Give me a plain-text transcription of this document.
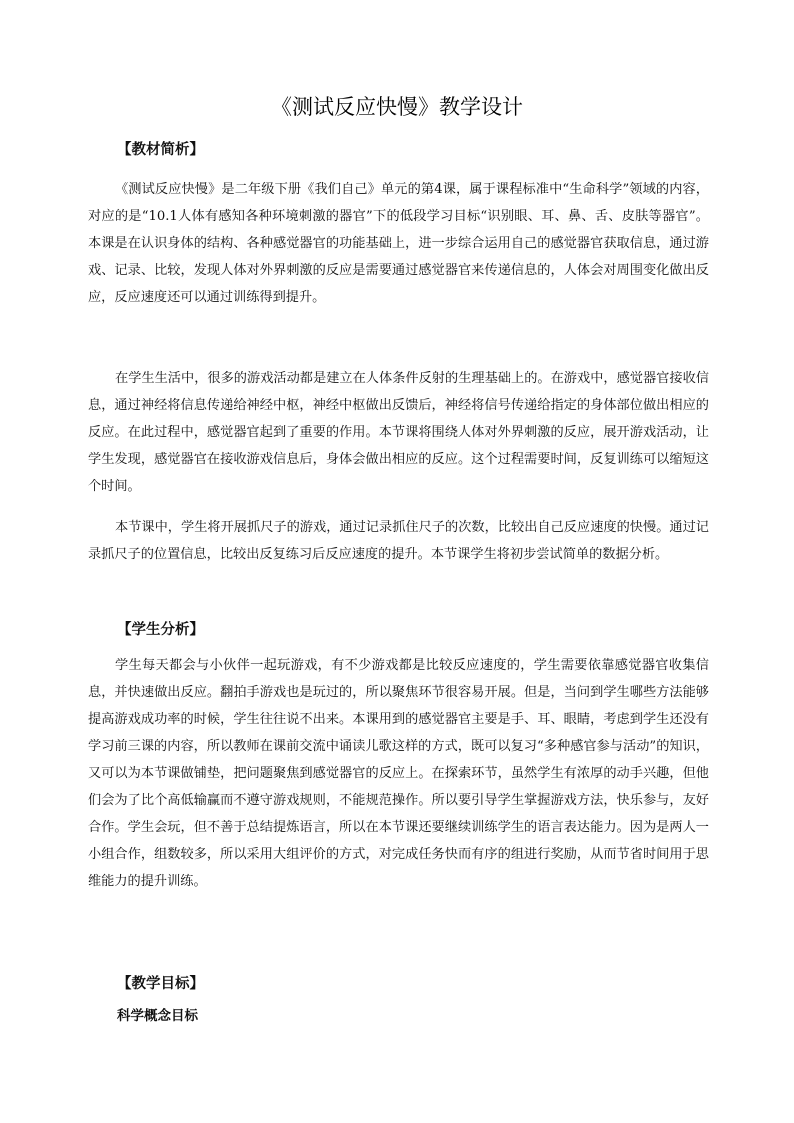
《测试反应快慢》教学设计
【教材简析】

《测试反应快慢》是二年级下册《我们自己》单元的第4课，属于课程标准中“生命科学”领域的内容，对应的是“10.1人体有感知各种环境刺激的器官”下的低段学习目标“识别眼、耳、鼻、舌、皮肤等器官”。本课是在认识身体的结构、各种感觉器官的功能基础上，进一步综合运用自己的感觉器官获取信息，通过游戏、记录、比较，发现人体对外界刺激的反应是需要通过感觉器官来传递信息的，人体会对周围变化做出反应，反应速度还可以通过训练得到提升。

在学生生活中，很多的游戏活动都是建立在人体条件反射的生理基础上的。在游戏中，感觉器官接收信息，通过神经将信息传递给神经中枢，神经中枢做出反馈后，神经将信号传递给指定的身体部位做出相应的反应。在此过程中，感觉器官起到了重要的作用。本节课将围绕人体对外界刺激的反应，展开游戏活动，让学生发现，感觉器官在接收游戏信息后，身体会做出相应的反应。这个过程需要时间，反复训练可以缩短这个时间。

本节课中，学生将开展抓尺子的游戏，通过记录抓住尺子的次数，比较出自己反应速度的快慢。通过记录抓尺子的位置信息，比较出反复练习后反应速度的提升。本节课学生将初步尝试简单的数据分析。

【学生分析】

学生每天都会与小伙伴一起玩游戏，有不少游戏都是比较反应速度的，学生需要依靠感觉器官收集信息，并快速做出反应。翻拍手游戏也是玩过的，所以聚焦环节很容易开展。但是，当问到学生哪些方法能够提高游戏成功率的时候，学生往往说不出来。本课用到的感觉器官主要是手、耳、眼睛，考虑到学生还没有学习前三课的内容，所以教师在课前交流中诵读儿歌这样的方式，既可以复习“多种感官参与活动”的知识，又可以为本节课做铺垫，把问题聚焦到感觉器官的反应上。在探索环节，虽然学生有浓厚的动手兴趣，但他们会为了比个高低输赢而不遵守游戏规则，不能规范操作。所以要引导学生掌握游戏方法，快乐参与，友好合作。学生会玩，但不善于总结提炼语言，所以在本节课还要继续训练学生的语言表达能力。因为是两人一小组合作，组数较多，所以采用大组评价的方式，对完成任务快而有序的组进行奖励，从而节省时间用于思维能力的提升训练。

【教学目标】
科学概念目标
